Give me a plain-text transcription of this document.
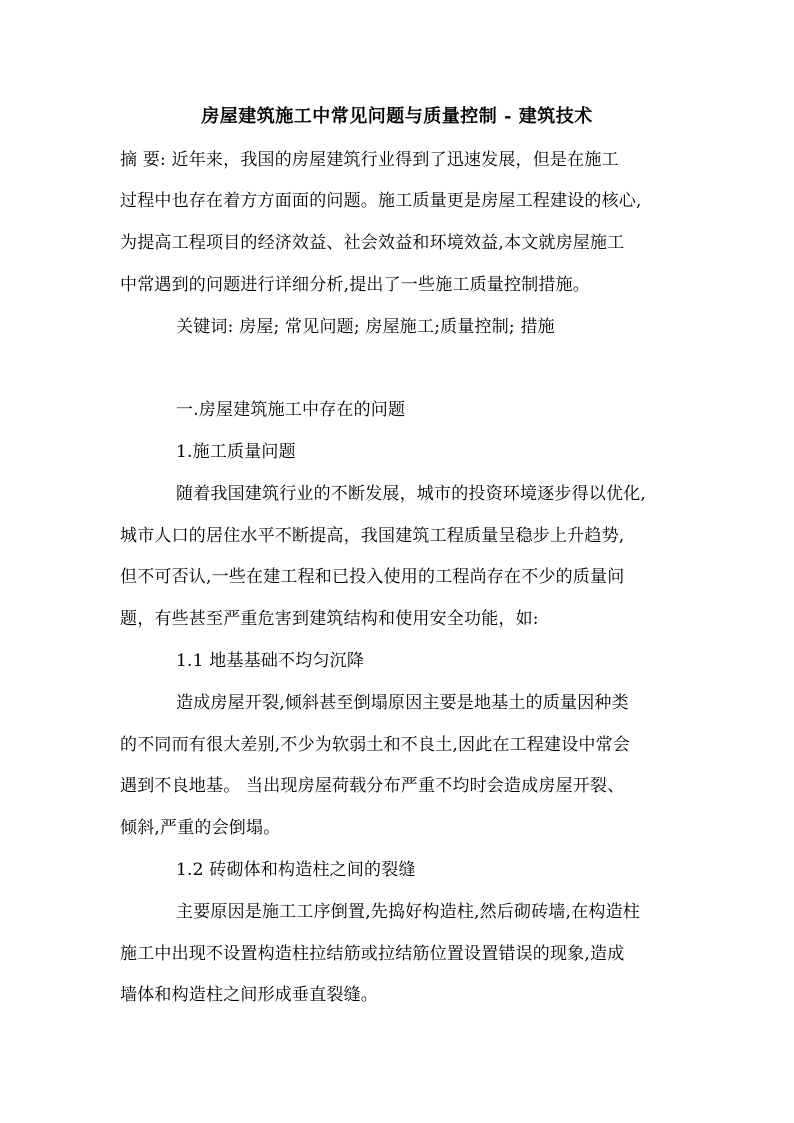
房屋建筑施工中常见问题与质量控制 - 建筑技术
摘 要: 近年来，我国的房屋建筑行业得到了迅速发展，但是在施工
过程中也存在着方方面面的问题。施工质量更是房屋工程建设的核心,
为提高工程项目的经济效益、社会效益和环境效益,本文就房屋施工
中常遇到的问题进行详细分析,提出了一些施工质量控制措施。
关键词: 房屋; 常见问题; 房屋施工;质量控制; 措施
一.房屋建筑施工中存在的问题
1.施工质量问题
随着我国建筑行业的不断发展，城市的投资环境逐步得以优化,
城市人口的居住水平不断提高，我国建筑工程质量呈稳步上升趋势,
但不可否认,一些在建工程和已投入使用的工程尚存在不少的质量问
题，有些甚至严重危害到建筑结构和使用安全功能，如:
1.1 地基基础不均匀沉降
造成房屋开裂,倾斜甚至倒塌原因主要是地基土的质量因种类
的不同而有很大差别,不少为软弱土和不良土,因此在工程建设中常会
遇到不良地基。 当出现房屋荷载分布严重不均时会造成房屋开裂、
倾斜,严重的会倒塌。
1.2 砖砌体和构造柱之间的裂缝
主要原因是施工工序倒置,先捣好构造柱,然后砌砖墙,在构造柱
施工中出现不设置构造柱拉结筋或拉结筋位置设置错误的现象,造成
墙体和构造柱之间形成垂直裂缝。
